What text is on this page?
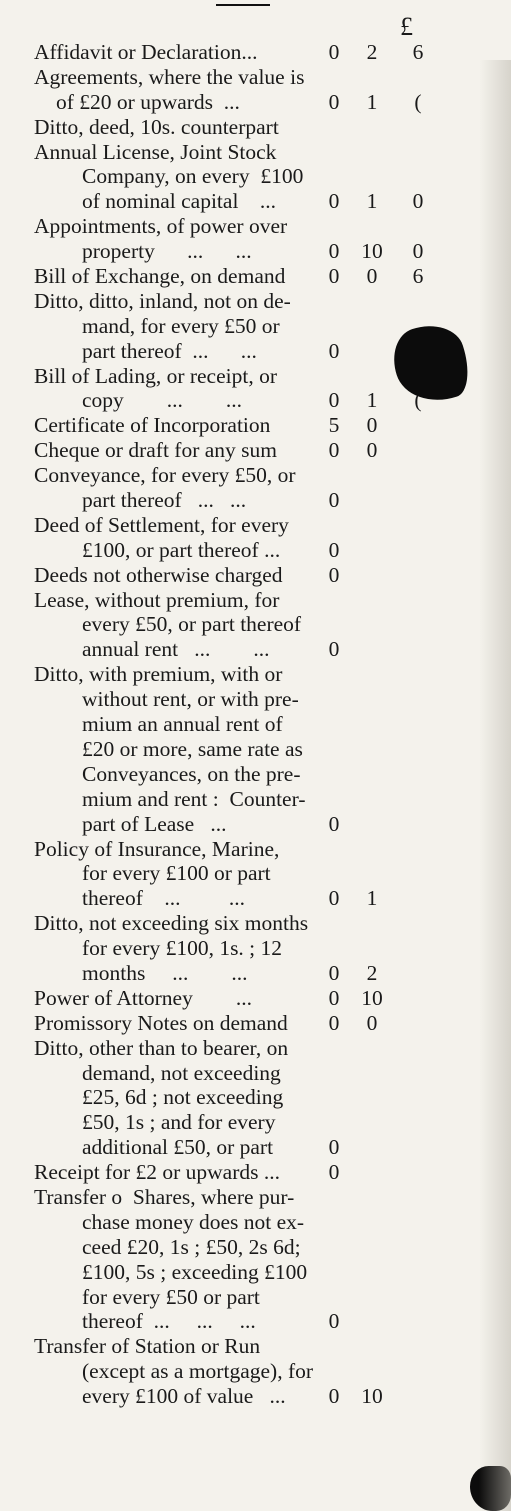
£
Affidavit or Declaration...	0	2	6
Agreements, where the value is
of £20 or upwards  ...	0	1	(
Ditto, deed, 10s. counterpart
Annual License, Joint Stock
Company, on every  £100
of nominal capital    ...	0	1	0
Appointments, of power over
property      ...      ...	0	10	0
Bill of Exchange, on demand	0	0	6
Ditto, ditto, inland, not on de-
mand, for every £50 or
part thereof  ...      ...	0
Bill of Lading, or receipt, or
copy        ...        ...	0	1	(
Certificate of Incorporation	5	0
Cheque or draft for any sum	0	0
Conveyance, for every £50, or
part thereof   ...   ...	0
Deed of Settlement, for every
£100, or part thereof ...	0
Deeds not otherwise charged	0
Lease, without premium, for
every £50, or part thereof
annual rent   ...        ...	0
Ditto, with premium, with or
without rent, or with pre-
mium an annual rent of
£20 or more, same rate as
Conveyances, on the pre-
mium and rent :  Counter-
part of Lease   ...	0
Policy of Insurance, Marine,
for every £100 or part
thereof    ...         ...	0	1
Ditto, not exceeding six months
for every £100, 1s. ; 12
months     ...        ...	0	2
Power of Attorney        ...	0	10
Promissory Notes on demand	0	0
Ditto, other than to bearer, on
demand, not exceeding
£25, 6d ; not exceeding
£50, 1s ; and for every
additional £50, or part	0
Receipt for £2 or upwards ...	0
Transfer o  Shares, where pur-
chase money does not ex-
ceed £20, 1s ; £50, 2s 6d;
£100, 5s ; exceeding £100
for every £50 or part
thereof  ...     ...     ...	0
Transfer of Station or Run
(except as a mortgage), for
every £100 of value   ...	0	10
